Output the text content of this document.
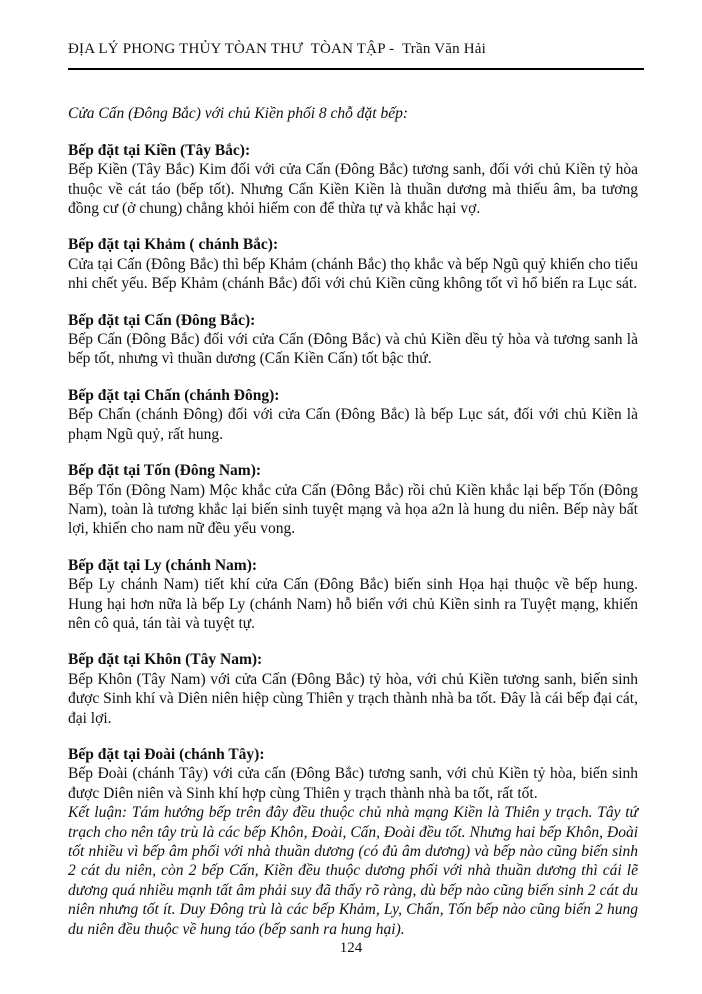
ĐỊA LÝ PHONG THỦY TÒAN THƯ  TÒAN TẬP -  Trần Văn Hải

Cửa Cấn (Đông Bắc) với chủ Kiền phối 8 chỗ đặt bếp:

Bếp đặt tại Kiền (Tây Bắc):

Bếp Kiền (Tây Bắc) Kim đối với cửa Cấn (Đông Bắc) tương sanh, đối với chủ Kiền tỷ hòa thuộc về cát táo (bếp tốt). Nhưng Cấn Kiền Kiền là thuần dương mà thiếu âm, ba tương đồng cư (ở chung) chẳng khỏi hiếm con để thừa tự và khắc hại vợ.

Bếp đặt tại Khảm ( chánh Bắc):

Cửa tại Cấn (Đông Bắc) thì bếp Khảm (chánh Bắc) thọ khắc và bếp Ngũ quỷ khiến cho tiểu nhi chết yếu. Bếp Khảm (chánh Bắc) đối với chủ Kiền cũng không tốt vì hổ biến ra Lục sát.

Bếp đặt tại Cấn (Đông Bắc):

Bếp Cấn (Đông Bắc) đối với cửa Cấn (Đông Bắc) và chủ Kiền dều tỷ hòa và tương sanh là bếp tốt, nhưng vì thuần dương (Cấn Kiền Cấn) tốt bậc thứ.

Bếp đặt tại Chấn (chánh Đông):

Bếp Chấn (chánh Đông) đối với cửa Cấn (Đông Bắc) là bếp Lục sát, đối với chủ Kiền là phạm Ngũ quỷ, rất hung.

Bếp đặt tại Tốn (Đông Nam):

Bếp Tốn (Đông Nam) Mộc khắc cửa Cấn (Đông Bắc) rồi chủ Kiền khắc lại bếp Tốn (Đông Nam), toàn là tương khắc lại biến sinh tuyệt mạng và họa a2n là hung du niên. Bếp này bất lợi, khiến cho nam nữ đều yểu vong.

Bếp đặt tại Ly (chánh Nam):

Bếp Ly chánh Nam) tiết khí cửa Cấn (Đông Bắc) biến sinh Họa hại thuộc về bếp hung. Hung hại hơn nữa là bếp Ly (chánh Nam) hỗ biến với chủ Kiền sinh ra Tuyệt mạng, khiến nên cô quả, tán tài và tuyệt tự.

Bếp đặt tại Khôn (Tây Nam):

Bếp Khôn (Tây Nam) với cửa Cấn (Đông Bắc) tỷ hòa, với chủ Kiền tương sanh, biến sinh được Sinh khí và Diên niên hiệp cùng Thiên y trạch thành nhà ba tốt. Đây là cái bếp đại cát, đại lợi.

Bếp đặt tại Đoài (chánh Tây):

Bếp Đoài (chánh Tây) với cửa cấn (Đông Bắc) tương sanh, với chủ Kiền tỷ hòa, biến sinh được Diên niên và Sinh khí hợp cùng Thiên y trạch thành nhà ba tốt, rất tốt.

Kết luận: Tám hướng bếp trên đây đều thuộc chủ nhà mạng Kiền là Thiên y trạch. Tây tứ trạch cho nên tây trù là các bếp Khôn, Đoài, Cấn, Đoài đều tốt. Nhưng hai bếp Khôn, Đoài tốt nhiều vì bếp âm phối với nhà thuần dương (có đủ âm dương) và bếp nào cũng biến sinh 2 cát du niên, còn 2 bếp Cấn, Kiền đều thuộc dương phối với nhà thuần dương thì cái lẽ dương quá nhiều mạnh tất âm phải suy đã thấy rõ ràng, dù bếp nào cũng biến sinh 2 cát du niên nhưng tốt ít. Duy Đông trù là các bếp Khảm, Ly, Chấn, Tốn bếp nào cũng biến 2 hung du niên đều thuộc về hung táo (bếp sanh ra hung hại).

124
